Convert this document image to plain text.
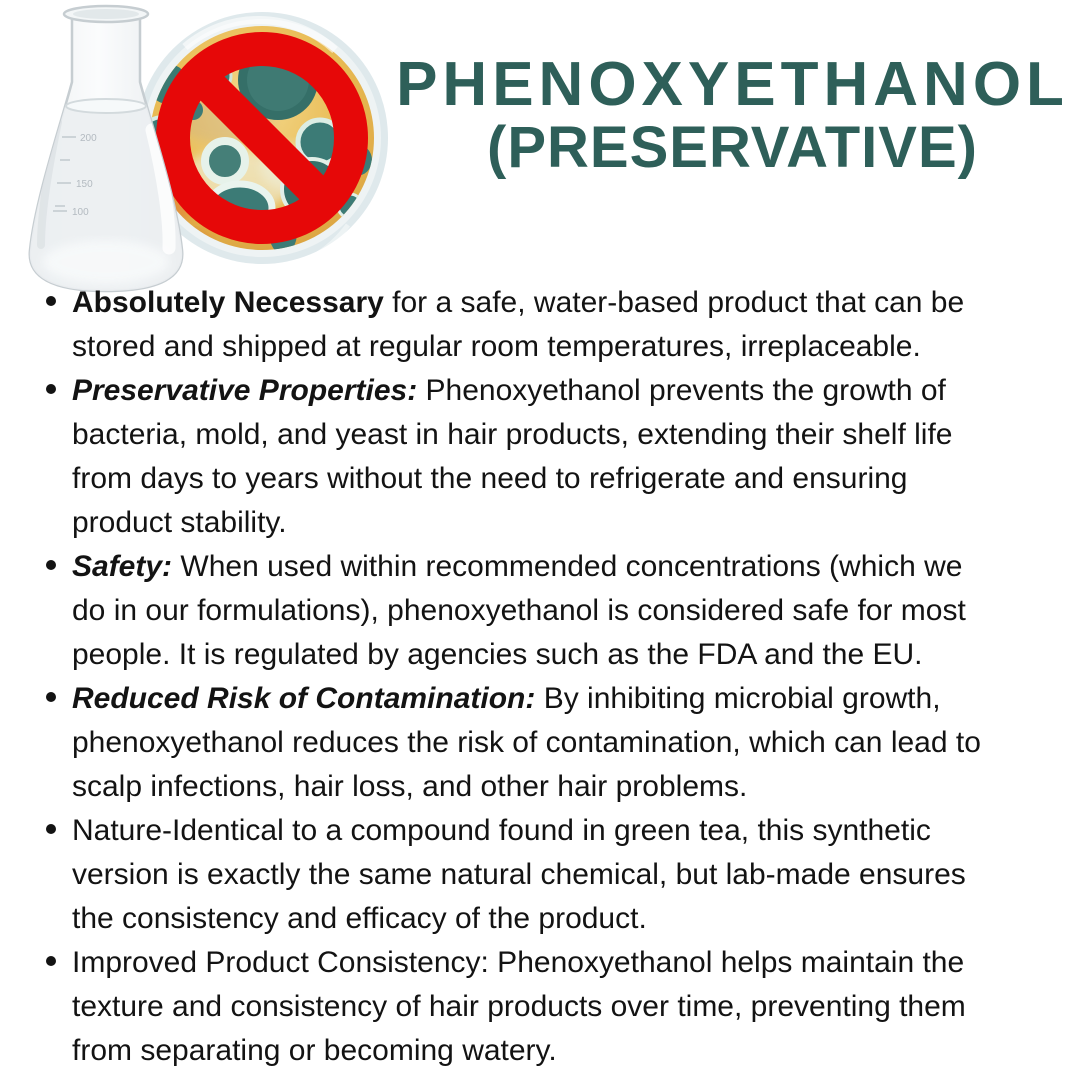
200
150
100
PHENOXYETHANOL
(PRESERVATIVE)
Absolutely Necessary for a safe, water-based product that can be stored and shipped at regular room temperatures, irreplaceable.
Preservative Properties: Phenoxyethanol prevents the growth of bacteria, mold, and yeast in hair products, extending their shelf life from days to years without the need to refrigerate and ensuring product stability.
Safety: When used within recommended concentrations (which we do in our formulations), phenoxyethanol is considered safe for most people. It is regulated by agencies such as the FDA and the EU.
Reduced Risk of Contamination: By inhibiting microbial growth, phenoxyethanol reduces the risk of contamination, which can lead to scalp infections, hair loss, and other hair problems.
Nature-Identical to a compound found in green tea, this synthetic version is exactly the same natural chemical, but lab-made ensures the consistency and efficacy of the product.
Improved Product Consistency: Phenoxyethanol helps maintain the texture and consistency of hair products over time, preventing them from separating or becoming watery.
